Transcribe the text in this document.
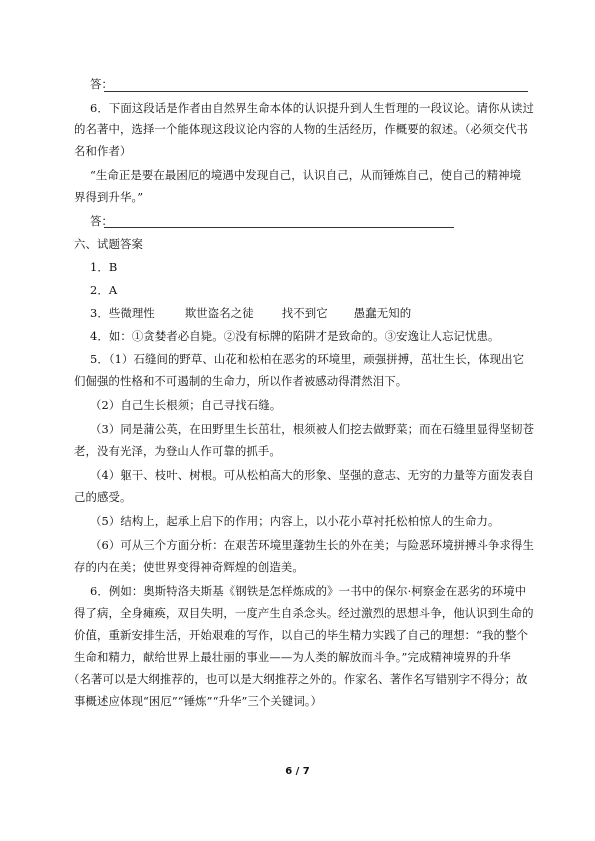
答：
6．下面这段话是作者由自然界生命本体的认识提升到人生哲理的一段议论。请你从读过
的名著中，选择一个能体现这段议论内容的人物的生活经历，作概要的叙述。（必须交代书
名和作者）
“生命正是要在最困厄的境遇中发现自己，认识自己，从而锤炼自己，使自己的精神境
界得到升华。”
答：
六、试题答案
1．B
2．A
3．些微理性	欺世盗名之徒 找不到它 愚蠢无知的
4．如：①贪婪者必自毙。②没有标牌的陷阱才是致命的。③安逸让人忘记忧患。
5．（1）石缝间的野草、山花和松柏在恶劣的环境里，顽强拼搏，茁壮生长，体现出它
们倔强的性格和不可遏制的生命力，所以作者被感动得潸然泪下。
（2）自己生长根须；自己寻找石缝。
（3）同是蒲公英，在田野里生长茁壮，根须被人们挖去做野菜；而在石缝里显得坚韧苍
老，没有光泽，为登山人作可靠的抓手。
（4）躯干、枝叶、树根。可从松柏高大的形象、坚强的意志、无穷的力量等方面发表自
己的感受。
（5）结构上，起承上启下的作用；内容上，以小花小草衬托松柏惊人的生命力。
（6）可从三个方面分析：在艰苦环境里蓬勃生长的外在美；与险恶环境拼搏斗争求得生
存的内在美；使世界变得神奇辉煌的创造美。
6．例如：奥斯特洛夫斯基《钢铁是怎样炼成的》一书中的保尔·柯察金在恶劣的环境中
得了病，全身瘫痪，双目失明，一度产生自杀念头。经过激烈的思想斗争，他认识到生命的
价值，重新安排生活，开始艰难的写作，以自己的毕生精力实践了自己的理想：“我的整个
生命和精力，献给世界上最壮丽的事业——为人类的解放而斗争。”完成精神境界的升华
（名著可以是大纲推荐的，也可以是大纲推荐之外的。作家名、著作名写错别字不得分；故
事概述应体现“困厄”“锤炼”“升华”三个关键词。）
6 / 7
